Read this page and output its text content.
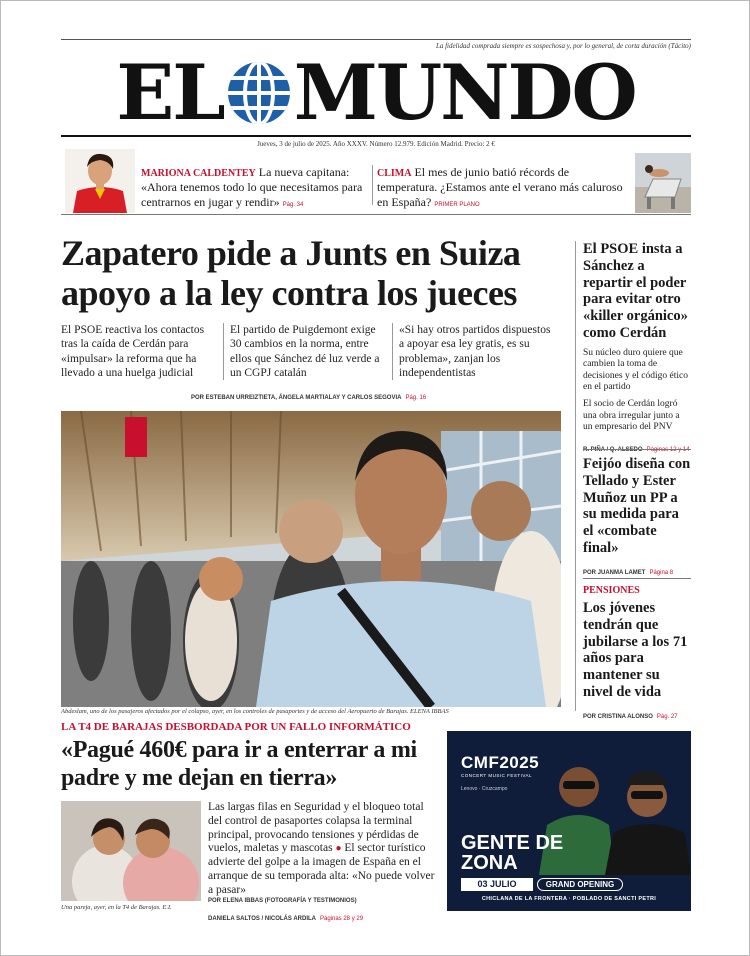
La fidelidad comprada siempre es sospechosa y, por lo general, de corta duración (Tácito)
EL MUNDO
Jueves, 3 de julio de 2025. Año XXXV. Número 12.979. Edición Madrid. Precio: 2 €
MARIONA CALDENTEY La nueva capitana: «Ahora tenemos todo lo que necesitamos para centrarnos en jugar y rendir» Pág. 34
CLIMA El mes de junio batió récords de temperatura. ¿Estamos ante el verano más caluroso en España? PRIMER PLANO
Zapatero pide a Junts en Suiza apoyo a la ley contra los jueces

El PSOE reactiva los contactos tras la caída de Cerdán para «impulsar» la reforma que ha llevado a una huelga judicial

El partido de Puigdemont exige 30 cambios en la norma, entre ellos que Sánchez dé luz verde a un CGPJ catalán

«Si hay otros partidos dispuestos a apoyar esa ley gratis, es su problema», zanjan los independentistas

POR ESTEBAN URREIZTIETA, ÁNGELA MARTIALAY Y CARLOS SEGOVIA Pág. 16
Abdeslam, uno de los pasajeros afectados por el colapso, ayer, en los controles de pasaportes y de acceso del Aeropuerto de Barajas. ELENA IBBAS
LA T4 DE BARAJAS DESBORDADA POR UN FALLO INFORMÁTICO
«Pagué 460€ para ir a enterrar a mi padre y me dejan en tierra»
Una pareja, ayer, en la T4 de Barajas. E.I.
Las largas filas en Seguridad y el bloqueo total del control de pasaportes colapsa la terminal principal, provocando tensiones y pérdidas de vuelos, maletas y mascotas ● El sector turístico advierte del golpe a la imagen de España en el arranque de su temporada alta: «No puede volver a pasar»
POR ELENA IBBAS (FOTOGRAFÍA Y TESTIMONIOS)
DANIELA SALTOS / NICOLÁS ARDILA Páginas 28 y 29
CMF2025
CONCERT MUSIC FESTIVAL
Lenovo · Cruzcampo
GENTE DE ZONA
03 JULIO	GRAND OPENING
CHICLANA DE LA FRONTERA · POBLADO DE SANCTI PETRI
El PSOE insta a Sánchez a repartir el poder para evitar otro «killer orgánico» como Cerdán
Su núcleo duro quiere que cambien la toma de decisiones y el código ético en el partido
El socio de Cerdán logró una obra irregular junto a un empresario del PNV
Feijóo diseña con Tellado y Ester Muñoz un PP a su medida para el «combate final»
POR JUANMA LAMET Página 8
PENSIONES
Los jóvenes tendrán que jubilarse a los 71 años para mantener su nivel de vida
POR CRISTINA ALONSO Pág. 27
